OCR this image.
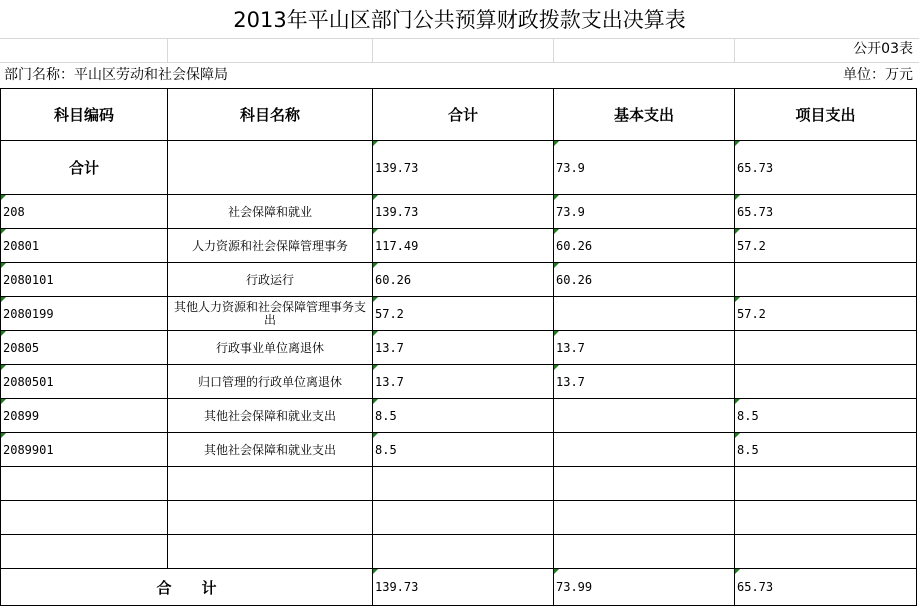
2013年平山区部门公共预算财政拨款支出决算表
公开03表
部门名称：平山区劳动和社会保障局	单位：万元
科目编码	科目名称	合计	基本支出	项目支出
合计		139.73	73.9	65.73

208	社会保障和就业	139.73	73.9	65.73

20801	人力资源和社会保障管理事务	117.49	60.26	57.2

2080101	行政运行	60.26	60.26	

2080199	其他人力资源和社会保障管理事务支出	57.2		57.2

20805	行政事业单位离退休	13.7	13.7	

2080501	归口管理的行政单位离退休	13.7	13.7	

20899	其他社会保障和就业支出	8.5		8.5

2089901	其他社会保障和就业支出	8.5		8.5

合　　计		139.73	73.99	65.73
